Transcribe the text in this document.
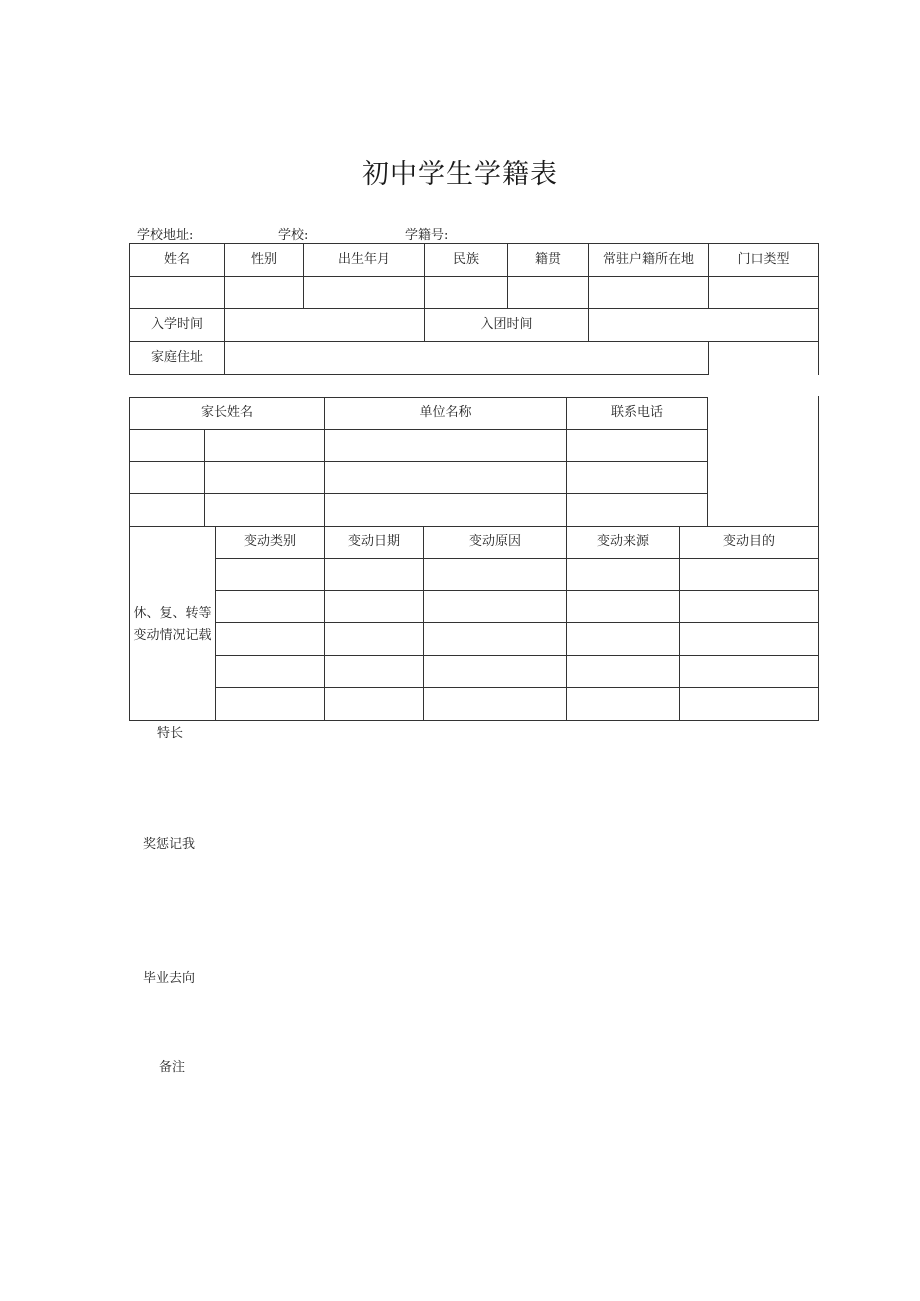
初中学生学籍表
学校地址:	学校:	学籍号:
姓名	性别	出生年月	民族	籍贯	常驻户籍所在地	门口类型
入学时间	入团时间
家庭住址
家长姓名	单位名称	联系电话
休、复、转等
变动情况记载
变动类别	变动日期	变动原因	变动来源	变动目的
特长
奖惩记我
毕业去向
备注
